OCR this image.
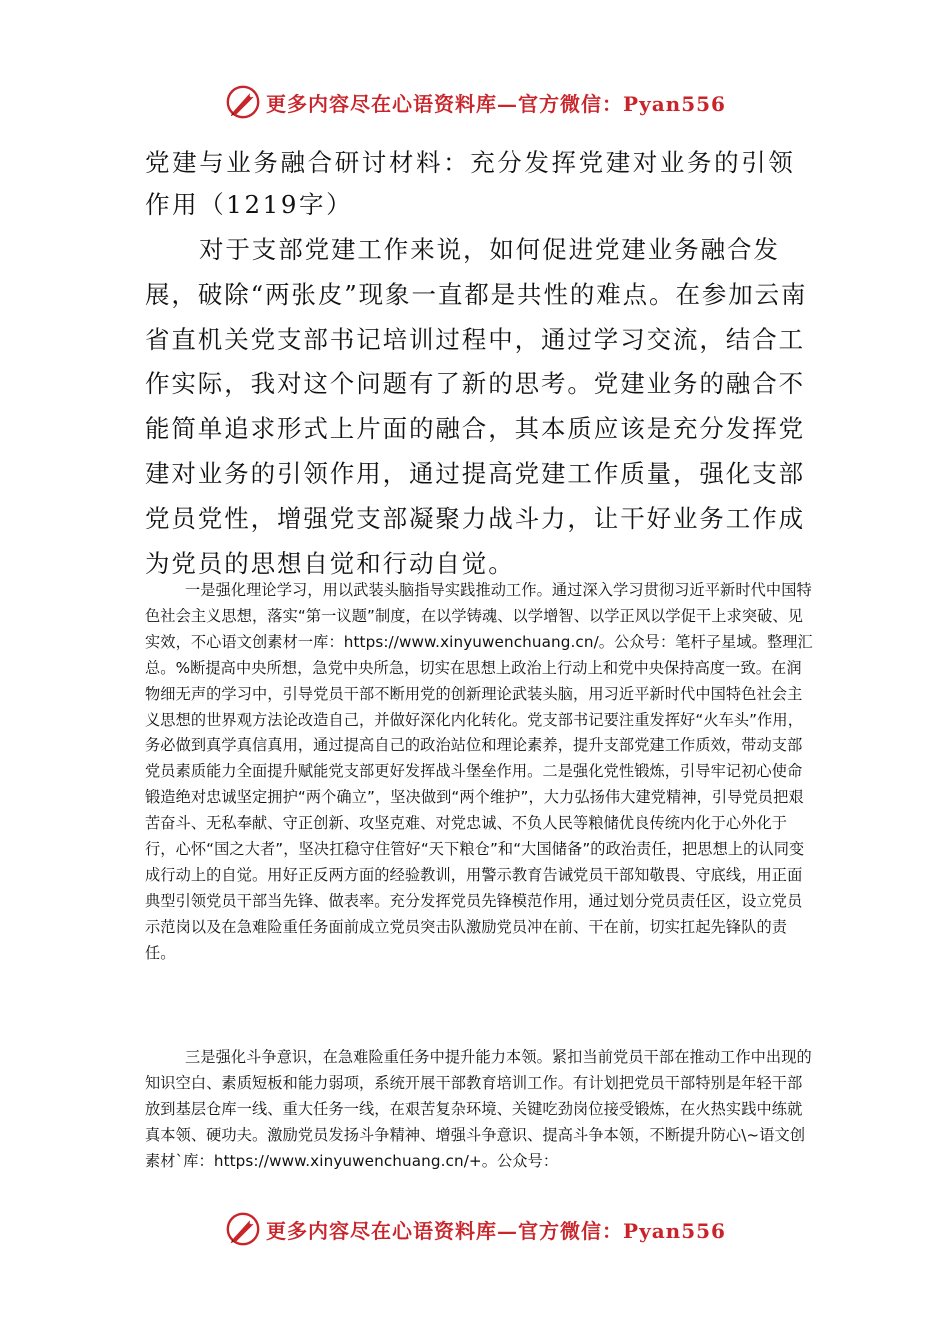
更多内容尽在心语资料库—官方微信：Pyan556
党建与业务融合研讨材料：充分发挥党建对业务的引领作用（1219字）
对于支部党建工作来说，如何促进党建业务融合发展，破除“两张皮”现象一直都是共性的难点。在参加云南省直机关党支部书记培训过程中，通过学习交流，结合工作实际，我对这个问题有了新的思考。党建业务的融合不能简单追求形式上片面的融合，其本质应该是充分发挥党建对业务的引领作用，通过提高党建工作质量，强化支部党员党性，增强党支部凝聚力战斗力，让干好业务工作成为党员的思想自觉和行动自觉。
一是强化理论学习，用以武装头脑指导实践推动工作。通过深入学习贯彻习近平新时代中国特色社会主义思想，落实“第一议题”制度，在以学铸魂、以学增智、以学正风以学促干上求突破、见实效，不心语文创素材一库：https://www.xinyuwenchuang.cn/。公众号：笔杆子星域。整理汇总。%断提高中央所想，急党中央所急，切实在思想上政治上行动上和党中央保持高度一致。在润物细无声的学习中，引导党员干部不断用党的创新理论武装头脑，用习近平新时代中国特色社会主义思想的世界观方法论改造自己，并做好深化内化转化。党支部书记要注重发挥好“火车头”作用，务必做到真学真信真用，通过提高自己的政治站位和理论素养，提升支部党建工作质效，带动支部党员素质能力全面提升赋能党支部更好发挥战斗堡垒作用。二是强化党性锻炼，引导牢记初心使命锻造绝对忠诚坚定拥护“两个确立”，坚决做到“两个维护”，大力弘扬伟大建党精神，引导党员把艰苦奋斗、无私奉献、守正创新、攻坚克难、对党忠诚、不负人民等粮储优良传统内化于心外化于行，心怀“国之大者”，坚决扛稳守住管好“天下粮仓”和“大国储备”的政治责任，把思想上的认同变成行动上的自觉。用好正反两方面的经验教训，用警示教育告诫党员干部知敬畏、守底线，用正面典型引领党员干部当先锋、做表率。充分发挥党员先锋模范作用，通过划分党员责任区，设立党员示范岗以及在急难险重任务面前成立党员突击队激励党员冲在前、干在前，切实扛起先锋队的责任。
三是强化斗争意识，在急难险重任务中提升能力本领。紧扣当前党员干部在推动工作中出现的知识空白、素质短板和能力弱项，系统开展干部教育培训工作。有计划把党员干部特别是年轻干部放到基层仓库一线、重大任务一线，在艰苦复杂环境、关键吃劲岗位接受锻炼，在火热实践中练就真本领、硬功夫。激励党员发扬斗争精神、增强斗争意识、提高斗争本领，不断提升防心\~语文创素材`库：https://www.xinyuwenchuang.cn/+。公众号：
更多内容尽在心语资料库—官方微信：Pyan556
